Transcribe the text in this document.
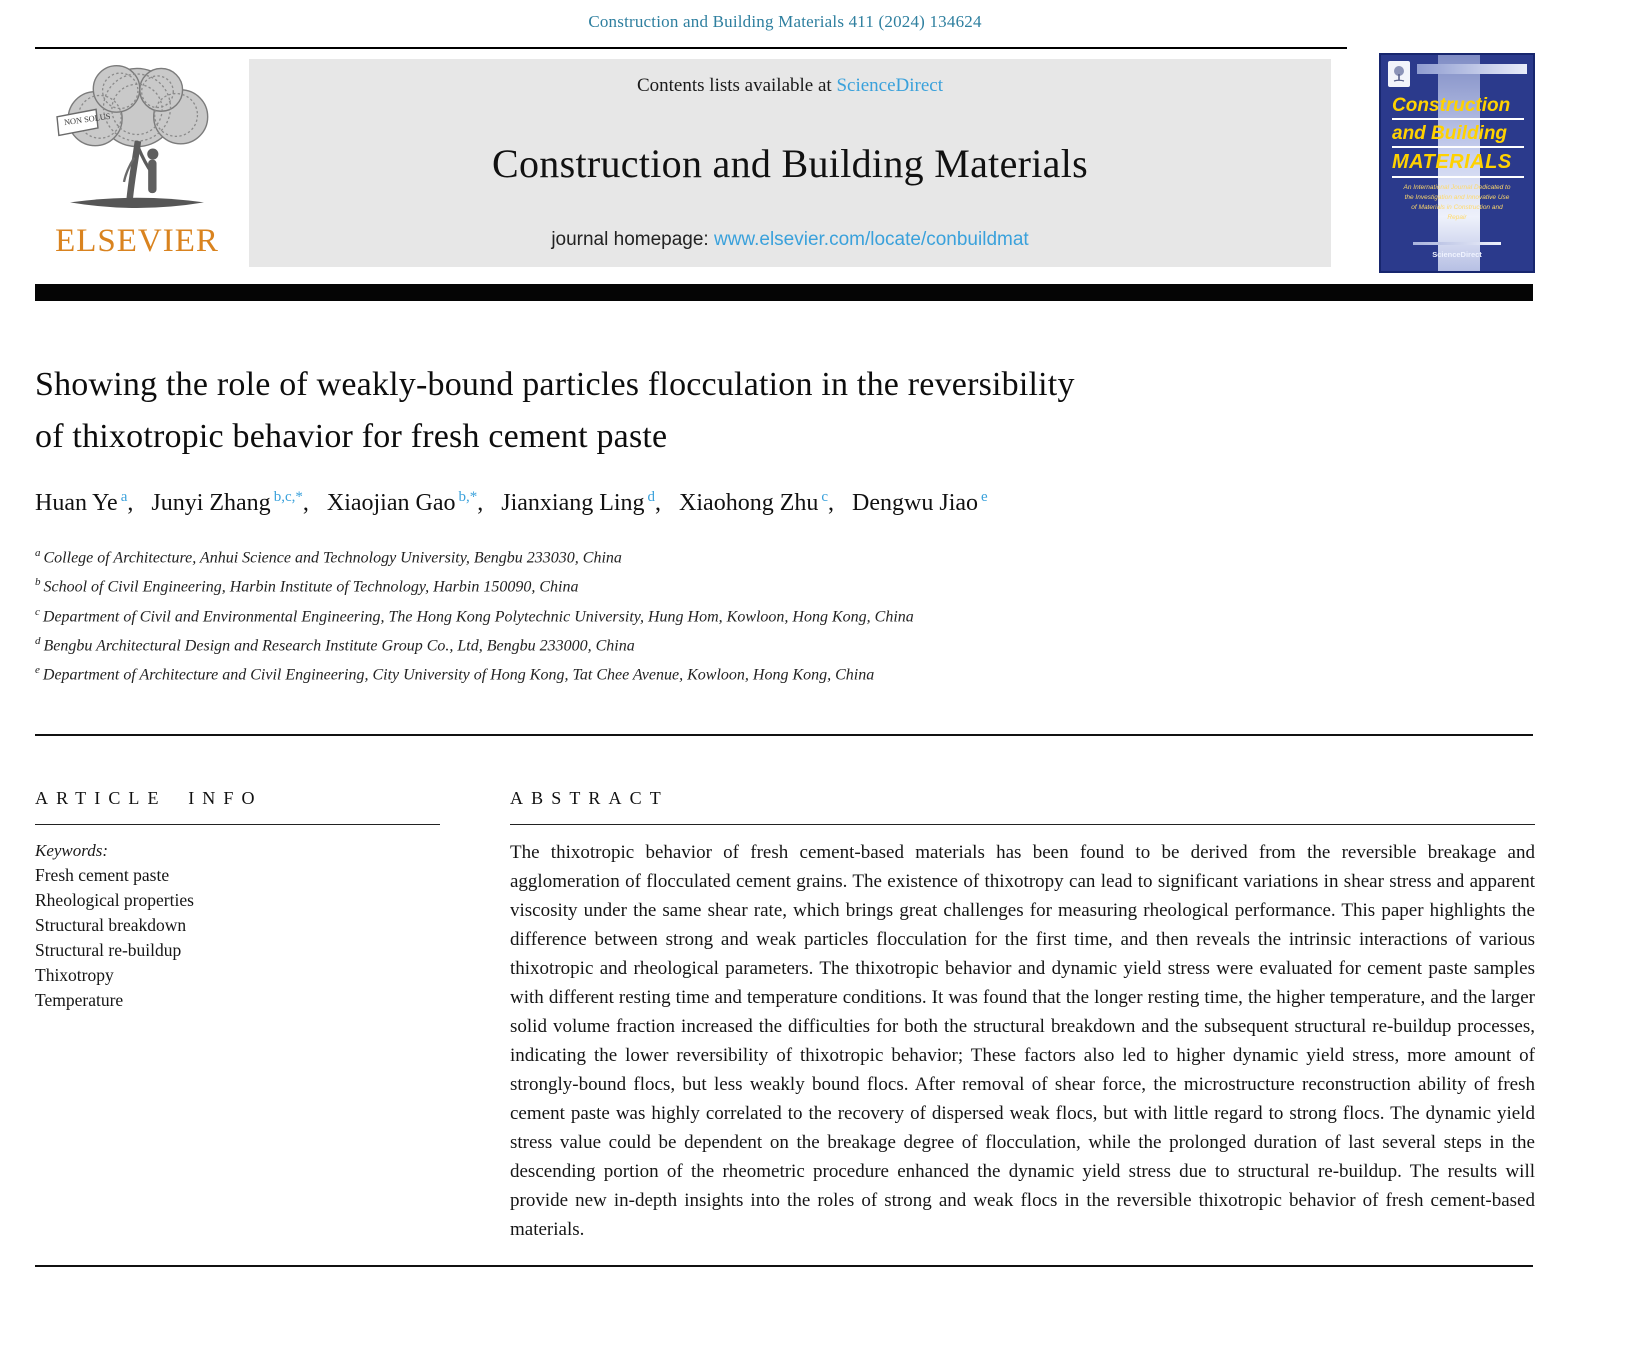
Construction and Building Materials 411 (2024) 134624
NON SOLUS
ELSEVIER
Contents lists available at ScienceDirect
Construction and Building Materials
journal homepage: www.elsevier.com/locate/conbuildmat
Construction
and Building
MATERIALS
An International Journal Dedicated to the Investigation and Innovative Use of Materials in Construction and Repair
ScienceDirect
Showing the role of weakly-bound particles flocculation in the reversibility
of thixotropic behavior for fresh cement paste
Huan Ye $^a$, Junyi Zhang $^{b,c,*}$, Xiaojian Gao $^{b,*}$, Jianxiang Ling $^d$, Xiaohong Zhu $^c$, Dengwu Jiao $^e$
$^a$ College of Architecture, Anhui Science and Technology University, Bengbu 233030, China
$^b$ School of Civil Engineering, Harbin Institute of Technology, Harbin 150090, China
$^c$ Department of Civil and Environmental Engineering, The Hong Kong Polytechnic University, Hung Hom, Kowloon, Hong Kong, China
$^d$ Bengbu Architectural Design and Research Institute Group Co., Ltd, Bengbu 233000, China
$^e$ Department of Architecture and Civil Engineering, City University of Hong Kong, Tat Chee Avenue, Kowloon, Hong Kong, China
ARTICLE INFO
Keywords:
Fresh cement paste
Rheological properties
Structural breakdown
Structural re-buildup
Thixotropy
Temperature
ABSTRACT
The thixotropic behavior of fresh cement-based materials has been found to be derived from the reversible breakage and agglomeration of flocculated cement grains. The existence of thixotropy can lead to significant variations in shear stress and apparent viscosity under the same shear rate, which brings great challenges for measuring rheological performance. This paper highlights the difference between strong and weak particles flocculation for the first time, and then reveals the intrinsic interactions of various thixotropic and rheological parameters. The thixotropic behavior and dynamic yield stress were evaluated for cement paste samples with different resting time and temperature conditions. It was found that the longer resting time, the higher temperature, and the larger solid volume fraction increased the difficulties for both the structural breakdown and the subsequent structural re-buildup processes, indicating the lower reversibility of thixotropic behavior; These factors also led to higher dynamic yield stress, more amount of strongly-bound flocs, but less weakly bound flocs. After removal of shear force, the microstructure reconstruction ability of fresh cement paste was highly correlated to the recovery of dispersed weak flocs, but with little regard to strong flocs. The dynamic yield stress value could be dependent on the breakage degree of flocculation, while the prolonged duration of last several steps in the descending portion of the rheometric procedure enhanced the dynamic yield stress due to structural re-buildup. The results will provide new in-depth insights into the roles of strong and weak flocs in the reversible thixotropic behavior of fresh cement-based materials.
